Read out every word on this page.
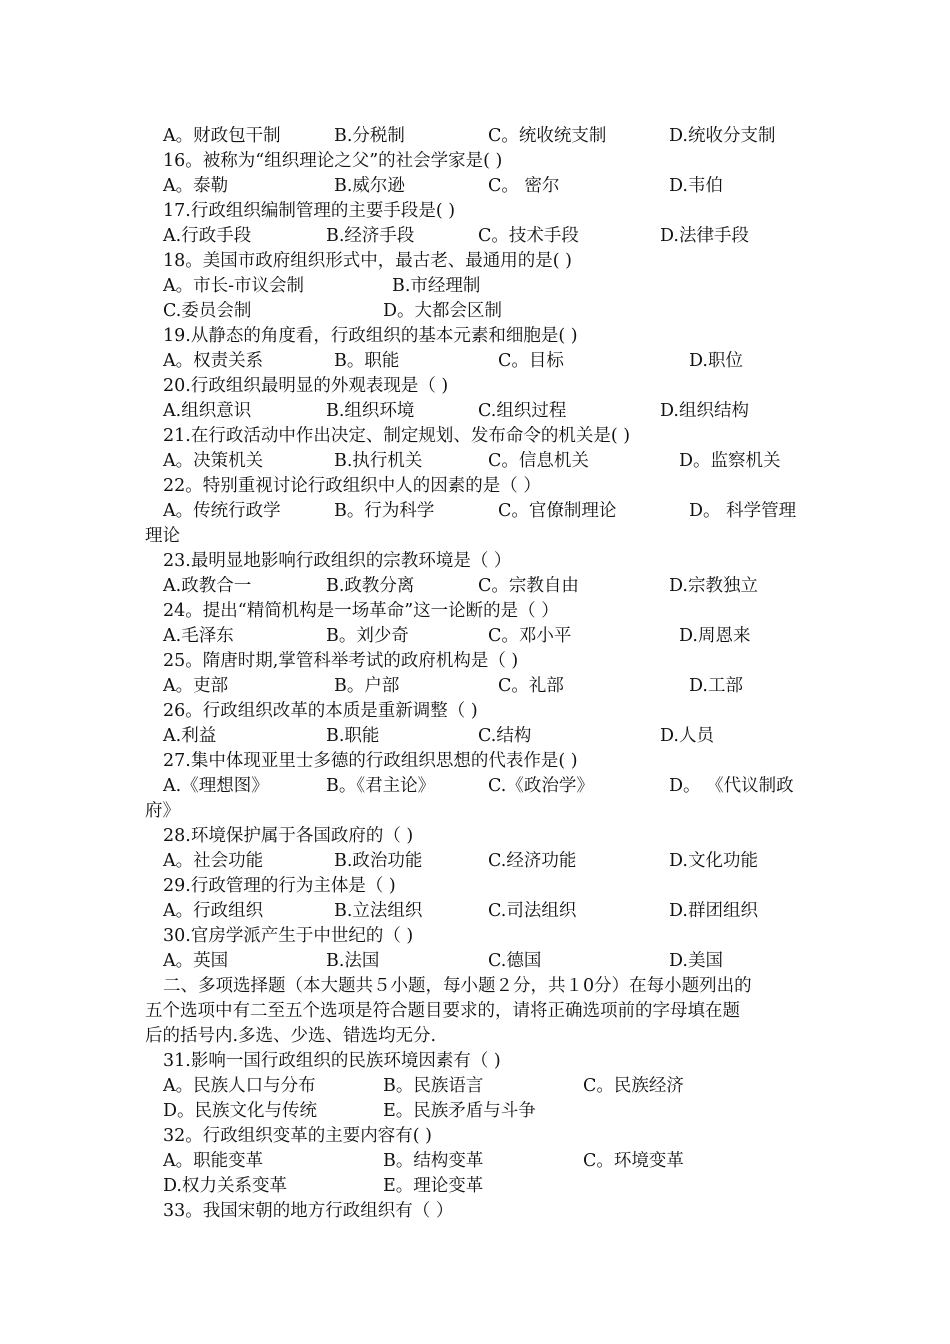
A。财政包干制	B.分税制	C。统收统支制	D.统收分支制
16。被称为“组织理论之父”的社会学家是( )
A。泰勒	B.威尔逊	C。 密尔	D.韦伯
17.行政组织编制管理的主要手段是( )
A.行政手段	B.经济手段	C。技术手段	D.法律手段
18。美国市政府组织形式中，最古老、最通用的是( )
A。市长-市议会制	B.市经理制
C.委员会制	D。大都会区制
19.从静态的角度看，行政组织的基本元素和细胞是( )
A。权责关系	B。职能	C。目标	D.职位
20.行政组织最明显的外观表现是（ )
A.组织意识	B.组织环境	C.组织过程	D.组织结构
21.在行政活动中作出决定、制定规划、发布命令的机关是( )
A。决策机关	B.执行机关	C。信息机关	D。监察机关
22。特别重视讨论行政组织中人的因素的是（ ）
A。传统行政学	B。行为科学	C。官僚制理论	D。 科学管理
理论
23.最明显地影响行政组织的宗教环境是（ ）
A.政教合一	B.政教分离	C。宗教自由	D.宗教独立
24。提出“精简机构是一场革命”这一论断的是（ ）
A.毛泽东	B。刘少奇	C。邓小平	D.周恩来
25。隋唐时期,掌管科举考试的政府机构是（ )
A。吏部	B。户部	C。礼部	D.工部
26。行政组织改革的本质是重新调整（ )
A.利益	B.职能	C.结构	D.人员
27.集中体现亚里士多德的行政组织思想的代表作是( )
A.《理想图》	B。《君主论》	C.《政治学》	D。 《代议制政
府》
28.环境保护属于各国政府的（ )
A。社会功能	B.政治功能	C.经济功能	D.文化功能
29.行政管理的行为主体是（ )
A。行政组织	B.立法组织	C.司法组织	D.群团组织
30.官房学派产生于中世纪的（ )
A。英国	B.法国	C.德国	D.美国
二、多项选择题（本大题共５小题，每小题２分，共１0分）在每小题列出的
五个选项中有二至五个选项是符合题目要求的，请将正确选项前的字母填在题
后的括号内.多选、少选、错选均无分.
31.影响一国行政组织的民族环境因素有（ )
A。民族人口与分布	B。民族语言	C。民族经济
D。民族文化与传统	E。民族矛盾与斗争
32。行政组织变革的主要内容有( )
A。职能变革	B。结构变革	C。环境变革
D.权力关系变革	E。理论变革
33。我国宋朝的地方行政组织有（ ）
